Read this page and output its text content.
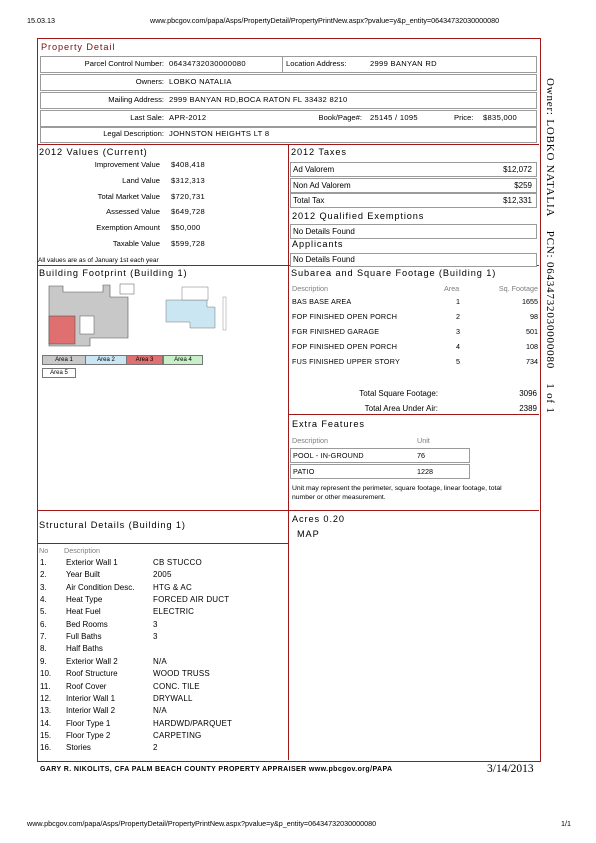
15.03.13	www.pbcgov.com/papa/Asps/PropertyDetail/PropertyPrintNew.aspx?pvalue=y&p_entity=06434732030000080
www.pbcgov.com/papa/Asps/PropertyDetail/PropertyPrintNew.aspx?pvalue=y&p_entity=06434732030000080	1/1
Property Detail
Parcel Control Number: 06434732030000080	Location Address:	2999 BANYAN RD
Owners: LOBKO NATALIA
Mailing Address: 2999 BANYAN RD,BOCA RATON FL 33432 8210
Last Sale: APR-2012	Book/Page#: 25145 / 1095	Price: $835,000
Legal Description: JOHNSTON HEIGHTS LT 8	Owner: LOBKO NATALIA    PCN: 06434732030000080    1 of 1
2012 Values (Current)
Improvement Value $408,418
Land Value $312,313
Total Market Value $720,731
Assessed Value $649,728
Exemption Amount $50,000
Taxable Value $599,728
All values are as of January 1st each year
2012 Taxes
Ad Valorem	$12,072
Non Ad Valorem	$259
Total Tax	$12,331
2012 Qualified Exemptions
No Details Found
Applicants
No Details Found
Building Footprint (Building 1)
Area 1	Area 2	Area 3	Area 4
Area 5
Subarea and Square Footage (Building 1)
Description	Area	Sq. Footage
BAS BASE AREA	1	1655
FOP FINISHED OPEN PORCH	2	98
FGR FINISHED GARAGE	3	501
FOP FINISHED OPEN PORCH	4	108
FUS FINISHED UPPER STORY	5	734
Total Square Footage:	3096
Total Area Under Air:	2389
Extra Features
Description	Unit
POOL - IN-GROUND	76
PATIO	1228
Unit may represent the perimeter, square footage, linear footage, total number or other measurement.
Structural Details (Building 1)
No Description
1. Exterior Wall 1	CB STUCCO
2. Year Built	2005
3. Air Condition Desc. HTG & AC
4. Heat Type	FORCED AIR DUCT
5. Heat Fuel	ELECTRIC
6. Bed Rooms	3
7. Full Baths	3
8. Half Baths
9. Exterior Wall 2	N/A
10. Roof Structure	WOOD TRUSS
11. Roof Cover	CONC. TILE
12. Interior Wall 1	DRYWALL
13. Interior Wall 2	N/A
14. Floor Type 1	HARDWD/PARQUET
15. Floor Type 2	CARPETING
16. Stories	2
Acres 0.20
MAP
GARY R. NIKOLITS, CFA PALM BEACH COUNTY PROPERTY APPRAISER www.pbcgov.org/PAPA	3/14/2013
